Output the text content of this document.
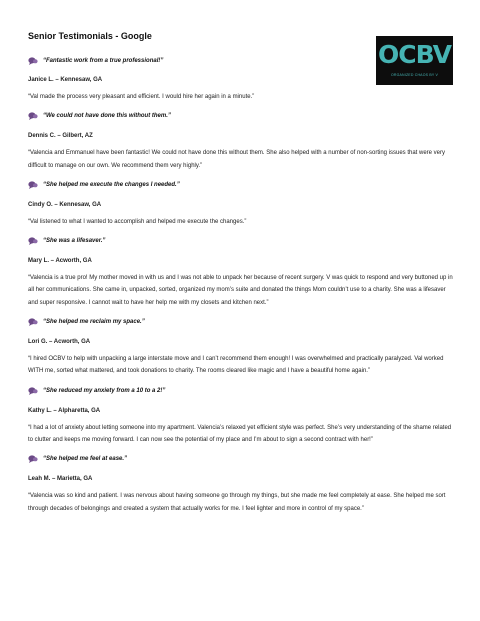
Senior Testimonials - Google
OCBV
ORGANIZED CHAOS BY V
“Fantastic work from a true professional!”
Janice L. – Kennesaw, GA
“Val made the process very pleasant and efficient. I would hire her again in a minute.”
“We could not have done this without them.”
Dennis C. – Gilbert, AZ
“Valencia and Emmanuel have been fantastic! We could not have done this without them. She also helped with a number of non-sorting issues that were very difficult to manage on our own. We recommend them very highly.”
“She helped me execute the changes I needed.”
Cindy O. – Kennesaw, GA
“Val listened to what I wanted to accomplish and helped me execute the changes.”
“She was a lifesaver.”
Mary L. – Acworth, GA
“Valencia is a true pro! My mother moved in with us and I was not able to unpack her because of recent surgery. V was quick to respond and very buttoned up in all her communications. She came in, unpacked, sorted, organized my mom’s suite and donated the things Mom couldn’t use to a charity. She was a lifesaver and super responsive. I cannot wait to have her help me with my closets and kitchen next.”
“She helped me reclaim my space.”
Lori G. – Acworth, GA
“I hired OCBV to help with unpacking a large interstate move and I can’t recommend them enough! I was overwhelmed and practically paralyzed. Val worked WITH me, sorted what mattered, and took donations to charity. The rooms cleared like magic and I have a beautiful home again.”
“She reduced my anxiety from a 10 to a 2!”
Kathy L. – Alpharetta, GA
“I had a lot of anxiety about letting someone into my apartment. Valencia’s relaxed yet efficient style was perfect. She’s very understanding of the shame related to clutter and keeps me moving forward. I can now see the potential of my place and I’m about to sign a second contract with her!”
“She helped me feel at ease.”
Leah M. – Marietta, GA
“Valencia was so kind and patient. I was nervous about having someone go through my things, but she made me feel completely at ease. She helped me sort through decades of belongings and created a system that actually works for me. I feel lighter and more in control of my space.”
